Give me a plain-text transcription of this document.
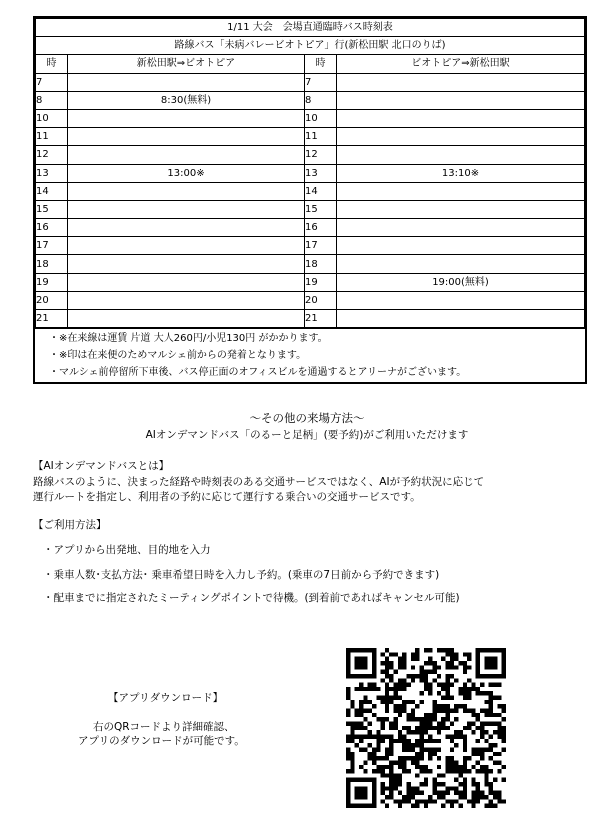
1/11 大会　会場直通臨時バス時刻表			
路線バス「未病バレービオトピア」行(新松田駅 北口のりば)			
時	新松田駅⇒ビオトピア	時	ビオトピア⇒新松田駅
7		7	
8	8:30(無料)	8	
10		10	
11		11	
12		12	
13	13:00※	13	13:10※
14		14	
15		15	
16		16	
17		17	
18		18	
19		19	19:00(無料)
20		20	
21		21	
・※在来線は運賃 片道 大人260円/小児130円 がかかります。
・※印は在来便のためマルシェ前からの発着となります。
・マルシェ前停留所下車後、バス停正面のオフィスビルを通過するとアリーナがございます。
～その他の来場方法～
AIオンデマンドバス「のるーと足柄」(要予約)がご利用いただけます
【AIオンデマンドバスとは】
路線バスのように、決まった経路や時刻表のある交通サービスではなく、AIが予約状況に応じて
運行ルートを指定し、利用者の予約に応じて運行する乗合いの交通サービスです。
【ご利用方法】
・アプリから出発地、目的地を入力
・乗車人数･支払方法･ 乗車希望日時を入力し予約。(乗車の7日前から予約できます)
・配車までに指定されたミーティングポイントで待機。(到着前であればキャンセル可能)
【アプリダウンロード】
右のQRコードより詳細確認、
アプリのダウンロードが可能です。
